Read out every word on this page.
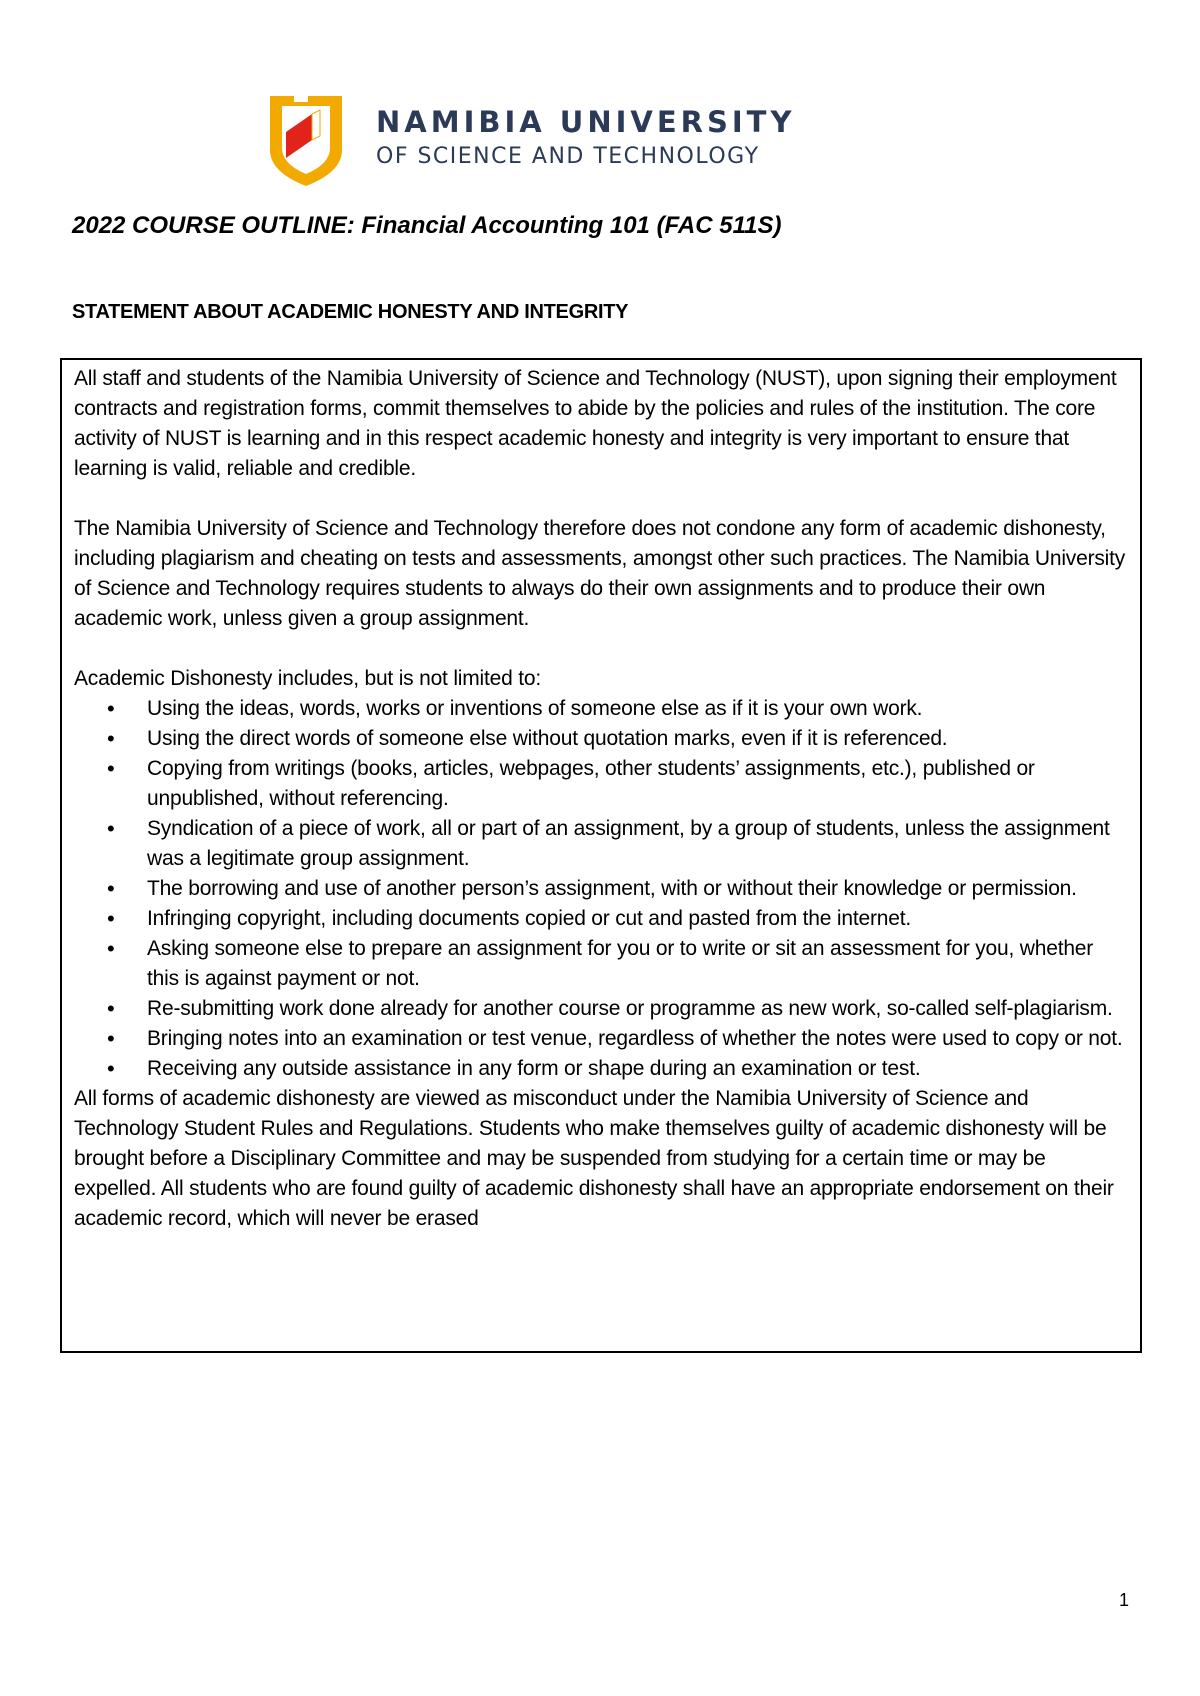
NAMIBIA UNIVERSITY
OF SCIENCE AND TECHNOLOGY
2022 COURSE OUTLINE: Financial Accounting 101 (FAC 511S)
STATEMENT ABOUT ACADEMIC HONESTY AND INTEGRITY

All staff and students of the Namibia University of Science and Technology (NUST), upon signing their employment contracts and registration forms, commit themselves to abide by the policies and rules of the institution. The core activity of NUST is learning and in this respect academic honesty and integrity is very important to ensure that learning is valid, reliable and credible.

The Namibia University of Science and Technology therefore does not condone any form of academic dishonesty, including plagiarism and cheating on tests and assessments, amongst other such practices. The Namibia University of Science and Technology requires students to always do their own assignments and to produce their own academic work, unless given a group assignment.

Academic Dishonesty includes, but is not limited to:

• Using the ideas, words, works or inventions of someone else as if it is your own work.
• Using the direct words of someone else without quotation marks, even if it is referenced.
• Copying from writings (books, articles, webpages, other students’ assignments, etc.), published or unpublished, without referencing.
• Syndication of a piece of work, all or part of an assignment, by a group of students, unless the assignment was a legitimate group assignment.
• The borrowing and use of another person’s assignment, with or without their knowledge or permission.
• Infringing copyright, including documents copied or cut and pasted from the internet.
• Asking someone else to prepare an assignment for you or to write or sit an assessment for you, whether this is against payment or not.
• Re-submitting work done already for another course or programme as new work, so-called self-plagiarism.
• Bringing notes into an examination or test venue, regardless of whether the notes were used to copy or not.
• Receiving any outside assistance in any form or shape during an examination or test.

All forms of academic dishonesty are viewed as misconduct under the Namibia University of Science and Technology Student Rules and Regulations. Students who make themselves guilty of academic dishonesty will be brought before a Disciplinary Committee and may be suspended from studying for a certain time or may be expelled. All students who are found guilty of academic dishonesty shall have an appropriate endorsement on their academic record, which will never be erased

1
